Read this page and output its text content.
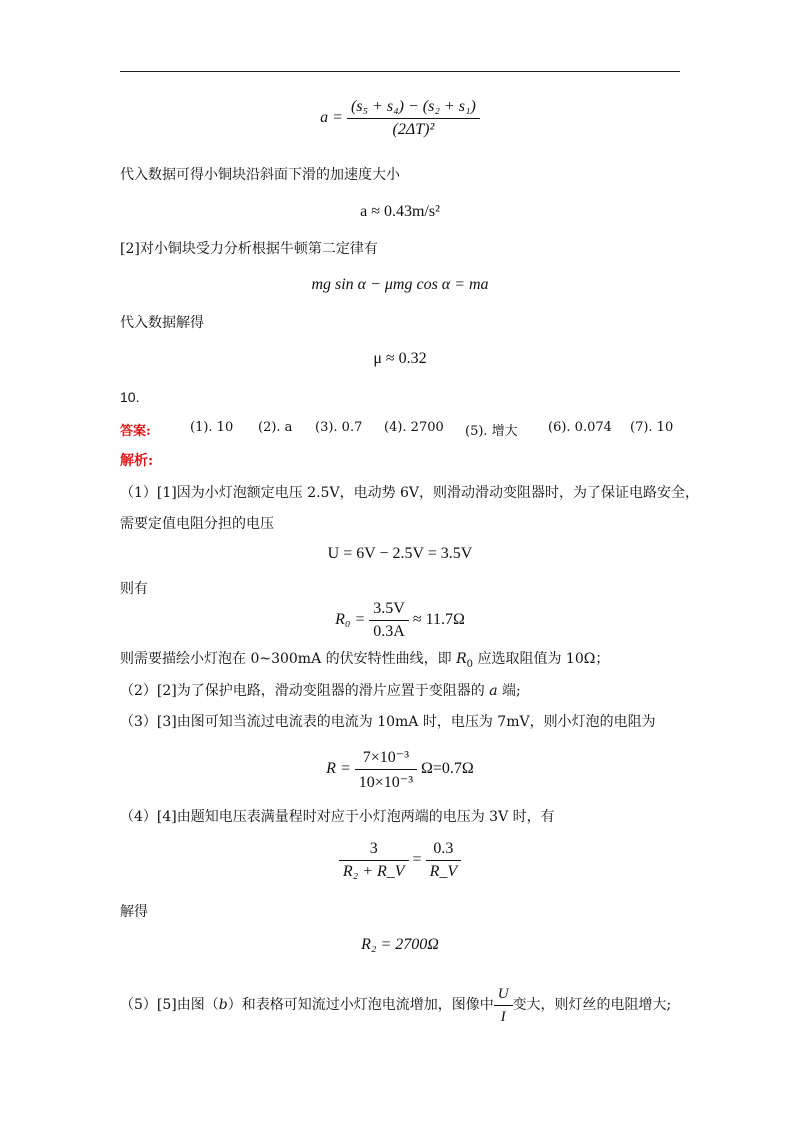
$a = \frac{\text{(s₅ + s₄) − (s₂ + s₁)}}{\text{(2ΔT)²}}$
代入数据可得小铜块沿斜面下滑的加速度大小
a ≈ 0.43m/s²
[2]对小铜块受力分析根据牛顿第二定律有
mg sin α − μmg cos α = ma
代入数据解得
μ ≈ 0.32
10.
答案:	(1). 10 (2). a (3). 0.7 (4). 2700 (5). 增大 (6). 0.074 (7). 10
解析:
（1）[1]因为小灯泡额定电压 2.5V，电动势 6V，则滑动滑动变阻器时，为了保证电路安全，
需要定值电阻分担的电压
U = 6V − 2.5V = 3.5V
则有
$R_0 = \frac{3.5V}{0.3A} \approx 11.7\Omega$
则需要描绘小灯泡在 0~300mA 的伏安特性曲线，即 $R_0$ 应选取阻值为 10Ω；
（2）[2]为了保护电路，滑动变阻器的滑片应置于变阻器的 a 端;
（3）[3]由图可知当流过电流表的电流为 10mA 时，电压为 7mV，则小灯泡的电阻为
$R = \frac{\text{7×10⁻³}}{\text{10×10⁻³}} \Omega=0.7\Omega$
（4）[4]由题知电压表满量程时对应于小灯泡两端的电压为 3V 时，有
$\frac{3}{\text{R₂ + R\_V}} = \frac{0.3}{R\_V}$
解得
R₂ = 2700Ω
（5）[5]由图（b）和表格可知流过小灯泡电流增加，图像中 $\frac{U}{I}$ 变大，则灯丝的电阻增大;
